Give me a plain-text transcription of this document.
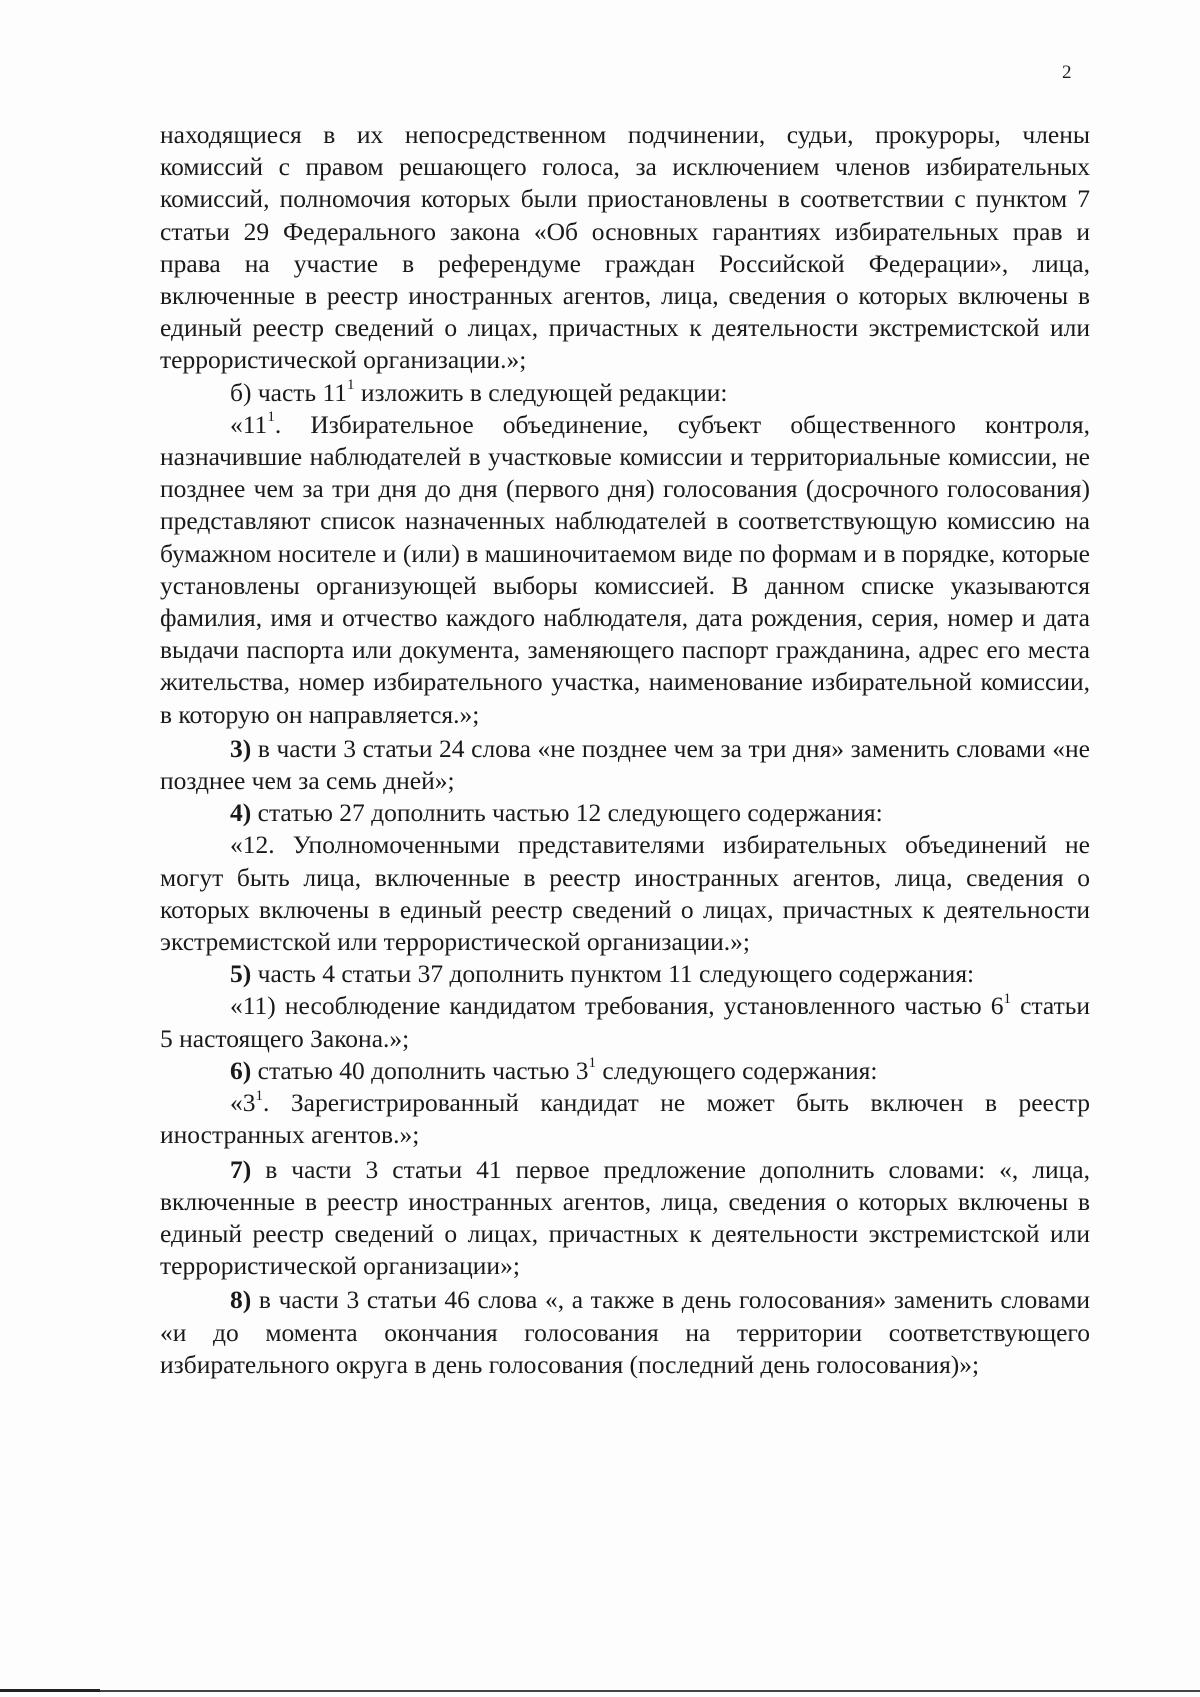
2

находящиеся в их непосредственном подчинении, судьи, прокуроры, члены комиссий с правом решающего голоса, за исключением членов избирательных комиссий, полномочия которых были приостановлены в соответствии с пунктом 7 статьи 29 Федерального закона «Об основных гарантиях избирательных прав и права на участие в референдуме граждан Российской Федерации», лица, включенные в реестр иностранных агентов, лица, сведения о которых включены в единый реестр сведений о лицах, причастных к деятельности экстремистской или террористической организации.»;

б) часть $11^1$ изложить в следующей редакции:

«$11^1$. Избирательное объединение, субъект общественного контроля, назначившие наблюдателей в участковые комиссии и территориальные комиссии, не позднее чем за три дня до дня (первого дня) голосования (досрочного голосования) представляют список назначенных наблюдателей в соответствующую комиссию на бумажном носителе и (или) в машиночитаемом виде по формам и в порядке, которые установлены организующей выборы комиссией. В данном списке указываются фамилия, имя и отчество каждого наблюдателя, дата рождения, серия, номер и дата выдачи паспорта или документа, заменяющего паспорт гражданина, адрес его места жительства, номер избирательного участка, наименование избирательной комиссии, в которую он направляется.»;

3) в части 3 статьи 24 слова «не позднее чем за три дня» заменить словами «не позднее чем за семь дней»;

4) статью 27 дополнить частью 12 следующего содержания:

«12. Уполномоченными представителями избирательных объединений не могут быть лица, включенные в реестр иностранных агентов, лица, сведения о которых включены в единый реестр сведений о лицах, причастных к деятельности экстремистской или террористической организации.»;

5) часть 4 статьи 37 дополнить пунктом 11 следующего содержания:

«11) несоблюдение кандидатом требования, установленного частью $6^1$ статьи 5 настоящего Закона.»;

6) статью 40 дополнить частью $3^1$ следующего содержания:

«$3^1$. Зарегистрированный кандидат не может быть включен в реестр иностранных агентов.»;

7) в части 3 статьи 41 первое предложение дополнить словами: «, лица, включенные в реестр иностранных агентов, лица, сведения о которых включены в единый реестр сведений о лицах, причастных к деятельности экстремистской или террористической организации»;

8) в части 3 статьи 46 слова «, а также в день голосования» заменить словами «и до момента окончания голосования на территории соответствующего избирательного округа в день голосования (последний день голосования)»;
